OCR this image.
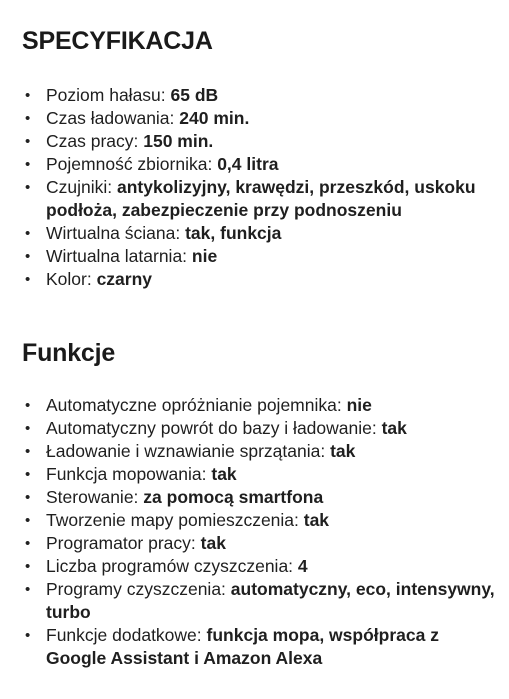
SPECYFIKACJA
• Poziom hałasu: 65 dB
• Czas ładowania: 240 min.
• Czas pracy: 150 min.
• Pojemność zbiornika: 0,4 litra
• Czujniki: antykolizyjny, krawędzi, przeszkód, uskoku podłoża, zabezpieczenie przy podnoszeniu
• Wirtualna ściana: tak, funkcja
• Wirtualna latarnia: nie
• Kolor: czarny
Funkcje
• Automatyczne opróżnianie pojemnika: nie
• Automatyczny powrót do bazy i ładowanie: tak
• Ładowanie i wznawianie sprzątania: tak
• Funkcja mopowania: tak
• Sterowanie: za pomocą smartfona
• Tworzenie mapy pomieszczenia: tak
• Programator pracy: tak
• Liczba programów czyszczenia: 4
• Programy czyszczenia: automatyczny, eco, intensywny, turbo
• Funkcje dodatkowe: funkcja mopa, współpraca z Google Assistant i Amazon Alexa
